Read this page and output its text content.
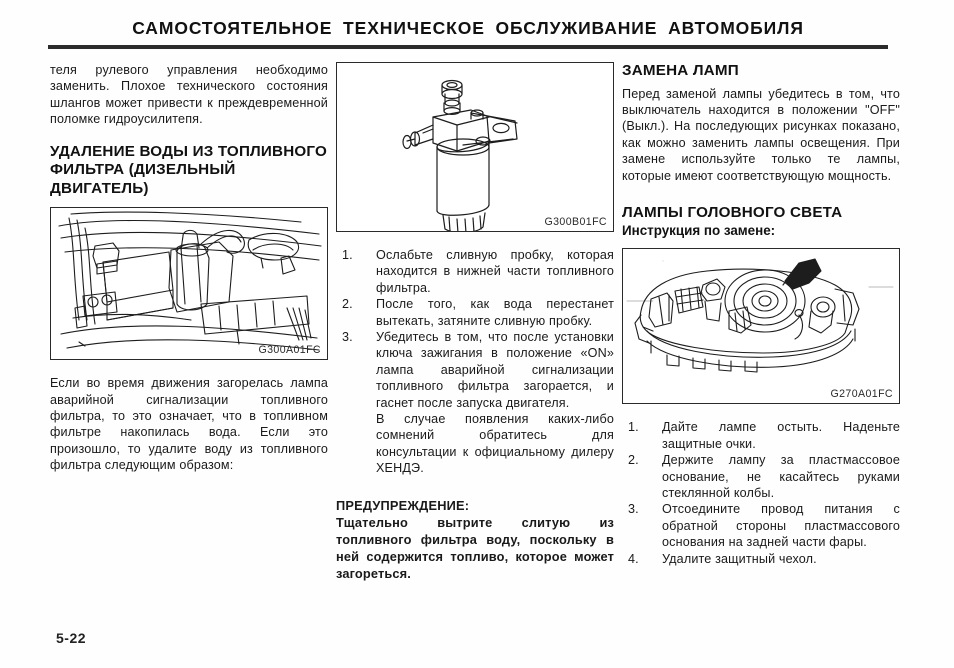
САМОСТОЯТЕЛЬНОЕ ТЕХНИЧЕСКОЕ ОБСЛУЖИВАНИЕ АВТОМОБИЛЯ

теля рулевого управления необходимо заменить. Плохое технического состояния шлангов может привести к преждевременной поломке гидроусилитепя.

УДАЛЕНИЕ ВОДЫ ИЗ ТОПЛИВНОГО ФИЛЬТРА (ДИЗЕЛЬНЫЙ ДВИГАТЕЛЬ)
G300A01FC

Если во время движения загорелась лампа аварийной сигнализации топливного фильтра, то это означает, что в топливном фильтре накопилась вода. Если это произошло, то удалите воду из топливного фильтра следующим образом:

G300B01FC
1.	Ослабьте сливную пробку, которая находится в нижней части топливного фильтра.
2.	После того, как вода перестанет вытекать, затяните сливную пробку.
3.	Убедитесь в том, что после установки ключа зажигания в положение «ON» лампа аварийной сигнализации топливного фильтра загорается, и гаснет после запуска двигателя.
В случае появления каких-либо сомнений обратитесь для консультации к официальному дилеру ХЕНДЭ.

ПРЕДУПРЕЖДЕНИЕ:

Тщательно вытрите слитую из топливного фильтра воду, поскольку в ней содержится топливо, которое может загореться.

ЗАМЕНА ЛАМП

Перед заменой лампы убедитесь в том, что выключатель находится в положении "OFF" (Выкл.). На последующих рисунках показано, как можно заменить лампы освещения. При замене используйте только те лампы, которые имеют соответствующую мощность.

ЛАМПЫ ГОЛОВНОГО СВЕТА
Инструкция по замене:
G270A01FC
1.	Дайте лампе остыть. Наденьте защитные очки.
2.	Держите лампу за пластмассовое основание, не касайтесь руками стеклянной колбы.
3.	Отсоедините провод питания с обратной стороны пластмассового основания на задней части фары.
4.	Удалите защитный чехол.
5-22
